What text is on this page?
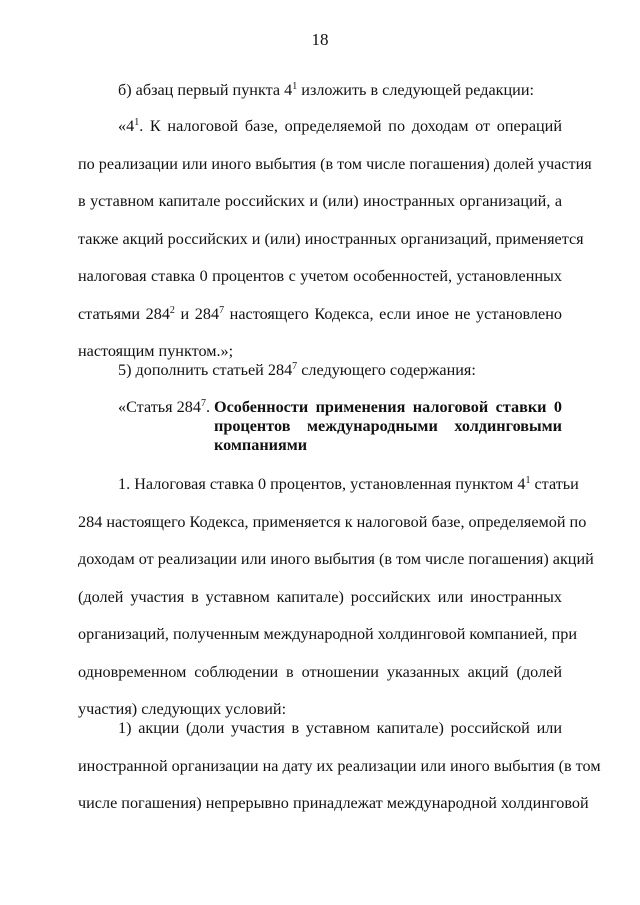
18
б) абзац первый пункта $4^1$ изложить в следующей редакции:
«$4^1$. К налоговой базе, определяемой по доходам от операций
по реализации или иного выбытия (в том числе погашения) долей участия
в уставном капитале российских и (или) иностранных организаций, а
также акций российских и (или) иностранных организаций, применяется
налоговая ставка 0 процентов с учетом особенностей, установленных
статьями $284^2$ и $284^7$ настоящего Кодекса, если иное не установлено
настоящим пунктом.»;
5) дополнить статьей $284^7$ следующего содержания:
«Статья $284^7$. Особенности применения налоговой ставки 0
процентов международными холдинговыми
компаниями
1. Налоговая ставка 0 процентов, установленная пунктом $4^1$ статьи
284 настоящего Кодекса, применяется к налоговой базе, определяемой по
доходам от реализации или иного выбытия (в том числе погашения) акций
(долей участия в уставном капитале) российских или иностранных
организаций, полученным международной холдинговой компанией, при
одновременном соблюдении в отношении указанных акций (долей
участия) следующих условий:
1) акции (доли участия в уставном капитале) российской или
иностранной организации на дату их реализации или иного выбытия (в том
числе погашения) непрерывно принадлежат международной холдинговой
